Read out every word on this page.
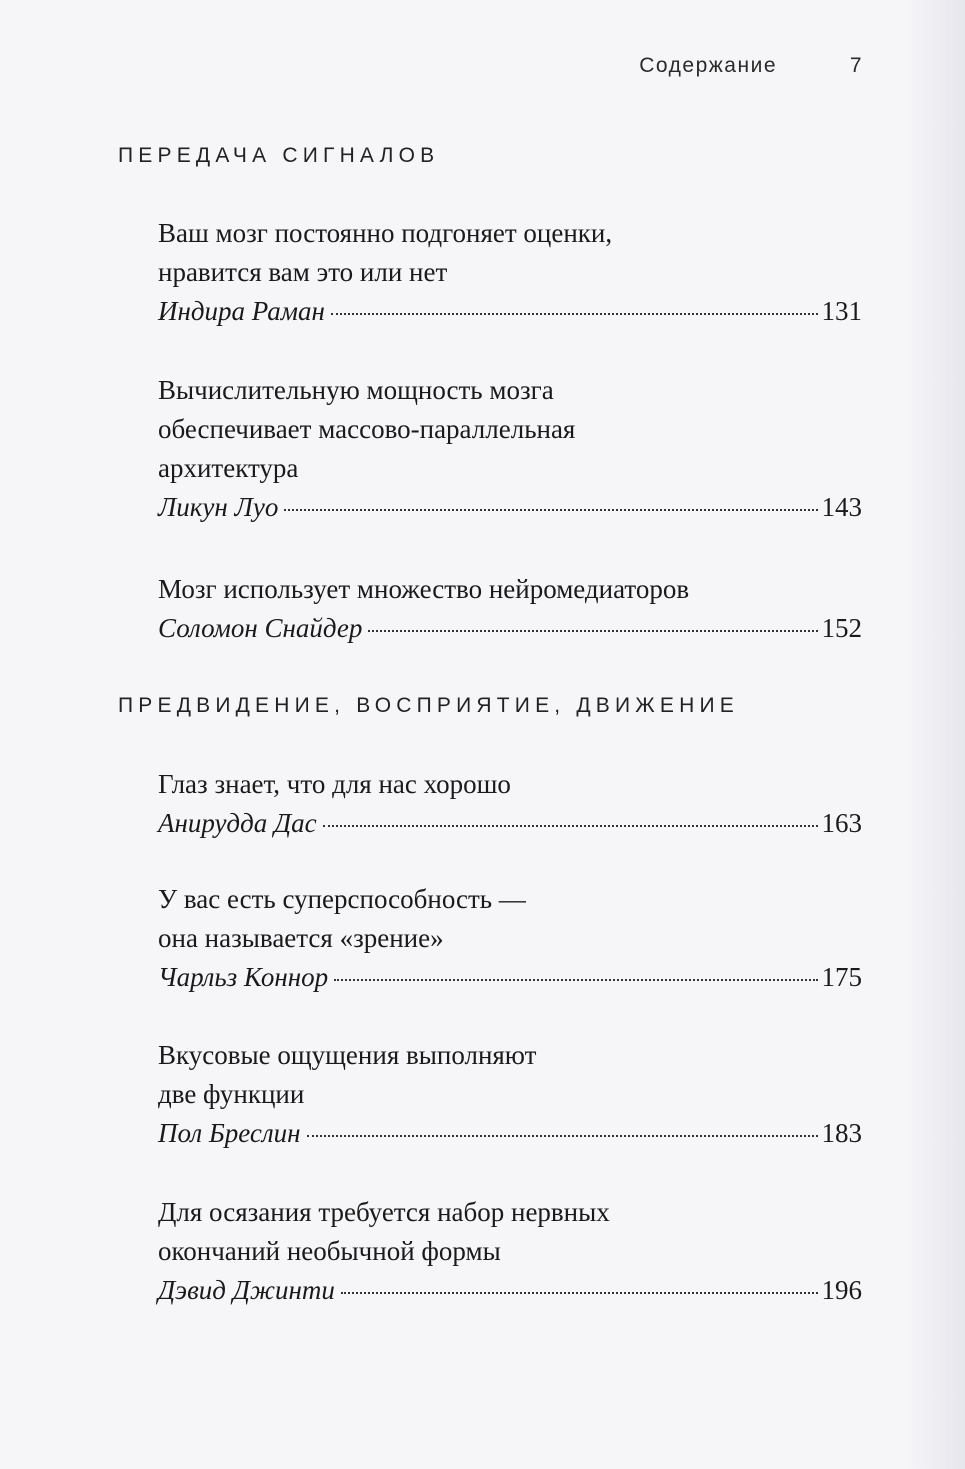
Содержание	7
ПЕРЕДАЧА СИГНАЛОВ
Ваш мозг постоянно подгоняет оценки,
нравится вам это или нет
Индира Раман	131
Вычислительную мощность мозга
обеспечивает массово-параллельная
архитектура
Ликун Луо	143
Мозг использует множество нейромедиаторов
Соломон Снайдер	152
ПРЕДВИДЕНИЕ, ВОСПРИЯТИЕ, ДВИЖЕНИЕ
Глаз знает, что для нас хорошо
Анирудда Дас	163
У вас есть суперспособность —
она называется «зрение»
Чарльз Коннор	175
Вкусовые ощущения выполняют
две функции
Пол Бреслин	183
Для осязания требуется набор нервных
окончаний необычной формы
Дэвид Джинти	196
